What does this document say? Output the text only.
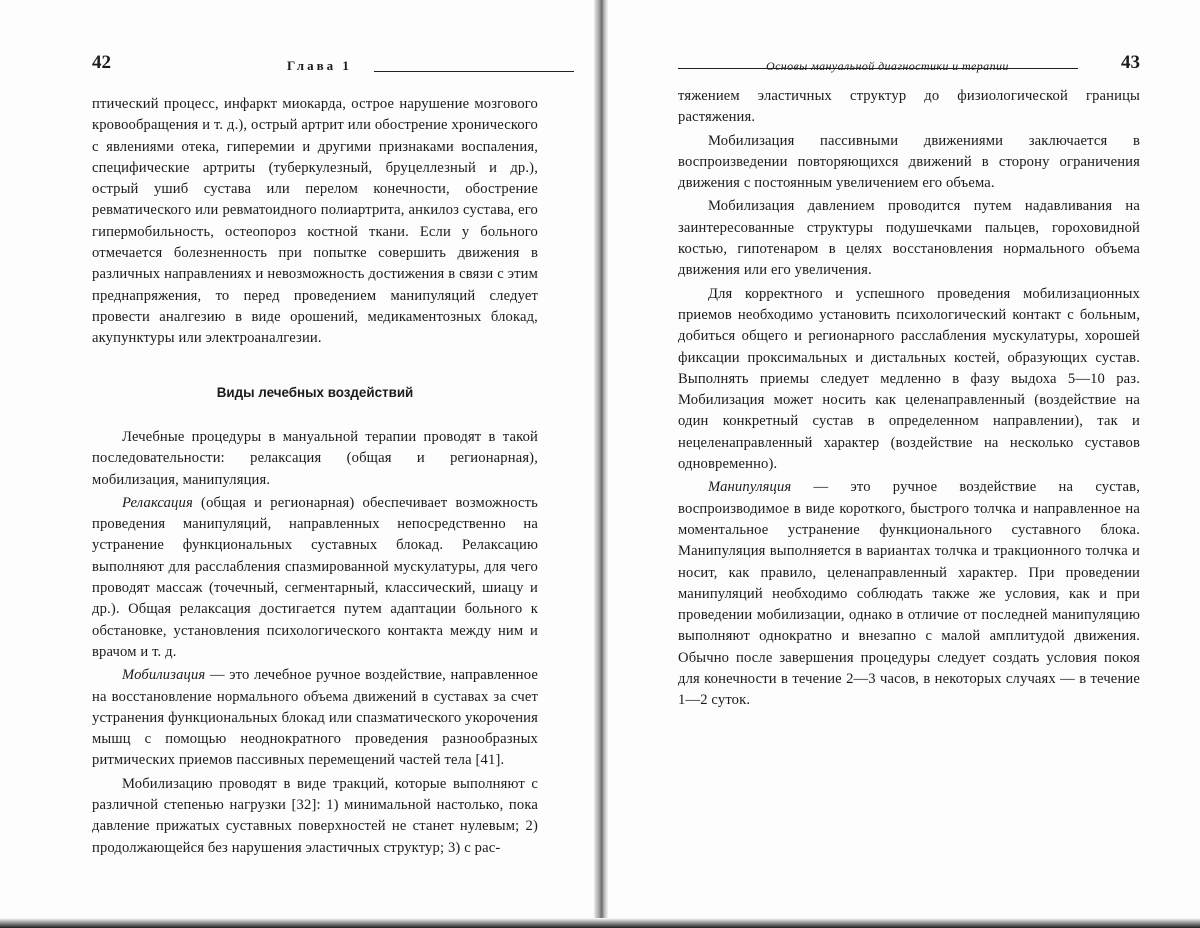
42	Глава 1

птический процесс, инфаркт миокарда, острое нарушение мозгового кровообращения и т. д.), острый артрит или обострение хронического с явлениями отека, гиперемии и другими признаками воспаления, специфические артриты (туберкулезный, бруцеллезный и др.), острый ушиб сустава или перелом конечности, обострение ревматического или ревматоидного полиартрита, анкилоз сустава, его гипермобильность, остеопороз костной ткани. Если у больного отмечается болезненность при попытке совершить движения в различных направлениях и невозможность достижения в связи с этим преднапряжения, то перед проведением манипуляций следует провести аналгезию в виде орошений, медикаментозных блокад, акупунктуры или электроаналгезии.

Виды лечебных воздействий

Лечебные процедуры в мануальной терапии проводят в такой последовательности: релаксация (общая и регионарная), мобилизация, манипуляция.

Релаксация (общая и регионарная) обеспечивает возможность проведения манипуляций, направленных непосредственно на устранение функциональных суставных блокад. Релаксацию выполняют для расслабления спазмированной мускулатуры, для чего проводят массаж (точечный, сегментарный, классический, шиацу и др.). Общая релаксация достигается путем адаптации больного к обстановке, установления психологического контакта между ним и врачом и т. д.

Мобилизация — это лечебное ручное воздействие, направленное на восстановление нормального объема движений в суставах за счет устранения функциональных блокад или спазматического укорочения мышц с помощью неоднократного проведения разнообразных ритмических приемов пассивных перемещений частей тела [41].

Мобилизацию проводят в виде тракций, которые выполняют с различной степенью нагрузки [32]: 1) минимальной настолько, пока давление прижатых суставных поверхностей не станет нулевым; 2) продолжающейся без нарушения эластичных структур; 3) с рас-

Основы мануальной диагностики и терапии	43

тяжением эластичных структур до физиологической границы растяжения.

Мобилизация пассивными движениями заключается в воспроизведении повторяющихся движений в сторону ограничения движения с постоянным увеличением его объема.

Мобилизация давлением проводится путем надавливания на заинтересованные структуры подушечками пальцев, гороховидной костью, гипотенаром в целях восстановления нормального объема движения или его увеличения.

Для корректного и успешного проведения мобилизационных приемов необходимо установить психологический контакт с больным, добиться общего и регионарного расслабления мускулатуры, хорошей фиксации проксимальных и дистальных костей, образующих сустав. Выполнять приемы следует медленно в фазу выдоха 5—10 раз. Мобилизация может носить как целенаправленный (воздействие на один конкретный сустав в определенном направлении), так и нецеленаправленный характер (воздействие на несколько суставов одновременно).

Манипуляция — это ручное воздействие на сустав, воспроизводимое в виде короткого, быстрого толчка и направленное на моментальное устранение функционального суставного блока. Манипуляция выполняется в вариантах толчка и тракционного толчка и носит, как правило, целенаправленный характер. При проведении манипуляций необходимо соблюдать также же условия, как и при проведении мобилизации, однако в отличие от последней манипуляцию выполняют однократно и внезапно с малой амплитудой движения. Обычно после завершения процедуры следует создать условия покоя для конечности в течение 2—3 часов, в некоторых случаях — в течение 1—2 суток.
